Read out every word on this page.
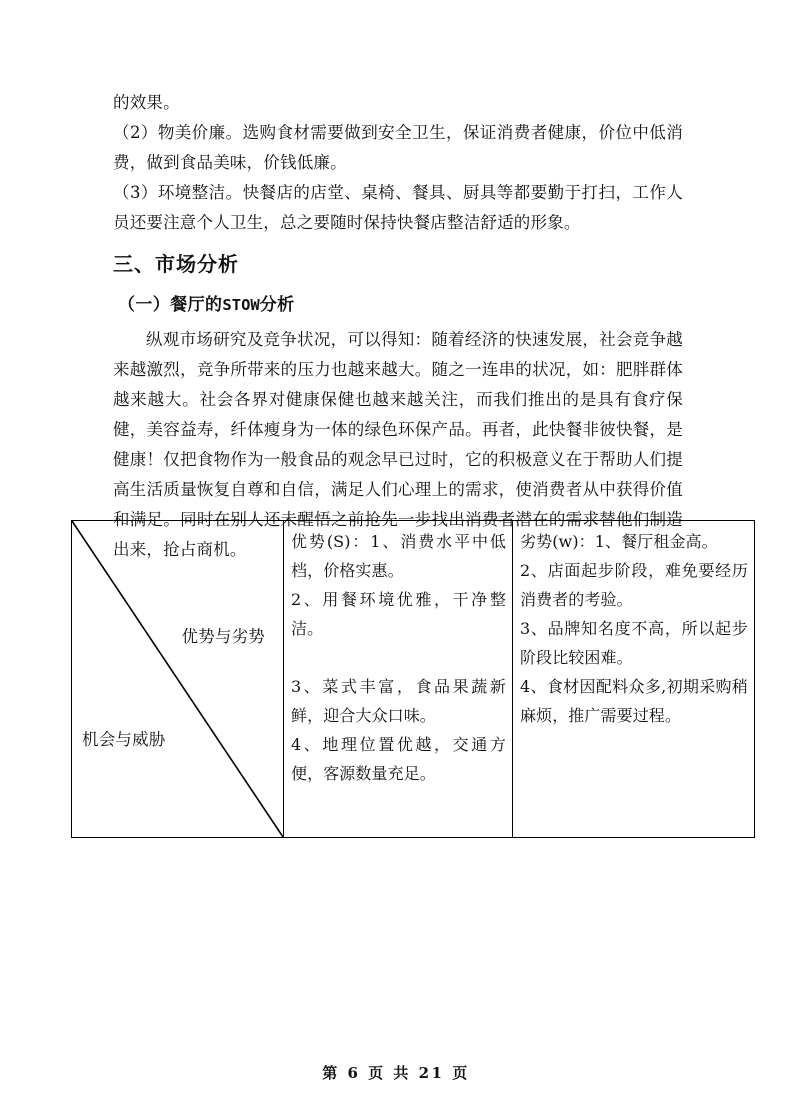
的效果。

（2）物美价廉。选购食材需要做到安全卫生，保证消费者健康，价位中低消费，做到食品美味，价钱低廉。

（3）环境整洁。快餐店的店堂、桌椅、餐具、厨具等都要勤于打扫，工作人员还要注意个人卫生，总之要随时保持快餐店整洁舒适的形象。

三、市场分析
（一）餐厅的STOW分析

纵观市场研究及竞争状况，可以得知：随着经济的快速发展，社会竞争越来越激烈，竞争所带来的压力也越来越大。随之一连串的状况，如：肥胖群体越来越大。社会各界对健康保健也越来越关注，而我们推出的是具有食疗保健，美容益寿，纤体瘦身为一体的绿色环保产品。再者，此快餐非彼快餐，是健康！仅把食物作为一般食品的观念早已过时，它的积极意义在于帮助人们提高生活质量恢复自尊和自信，满足人们心理上的需求，使消费者从中获得价值和满足。同时在别人还未醒悟之前抢先一步找出消费者潜在的需求替他们制造出来，抢占商机。

优势与劣势
机会与威胁

优势(S)：1、消费水平中低档，价格实惠。

2、用餐环境优雅，干净整洁。

3、菜式丰富，食品果蔬新鲜，迎合大众口味。

4、地理位置优越，交通方便，客源数量充足。

劣势(w)：1、餐厅租金高。

2、店面起步阶段，难免要经历消费者的考验。

3、品牌知名度不高，所以起步阶段比较困难。

4、食材因配料众多,初期采购稍麻烦，推广需要过程。

第 6 页 共 21 页
